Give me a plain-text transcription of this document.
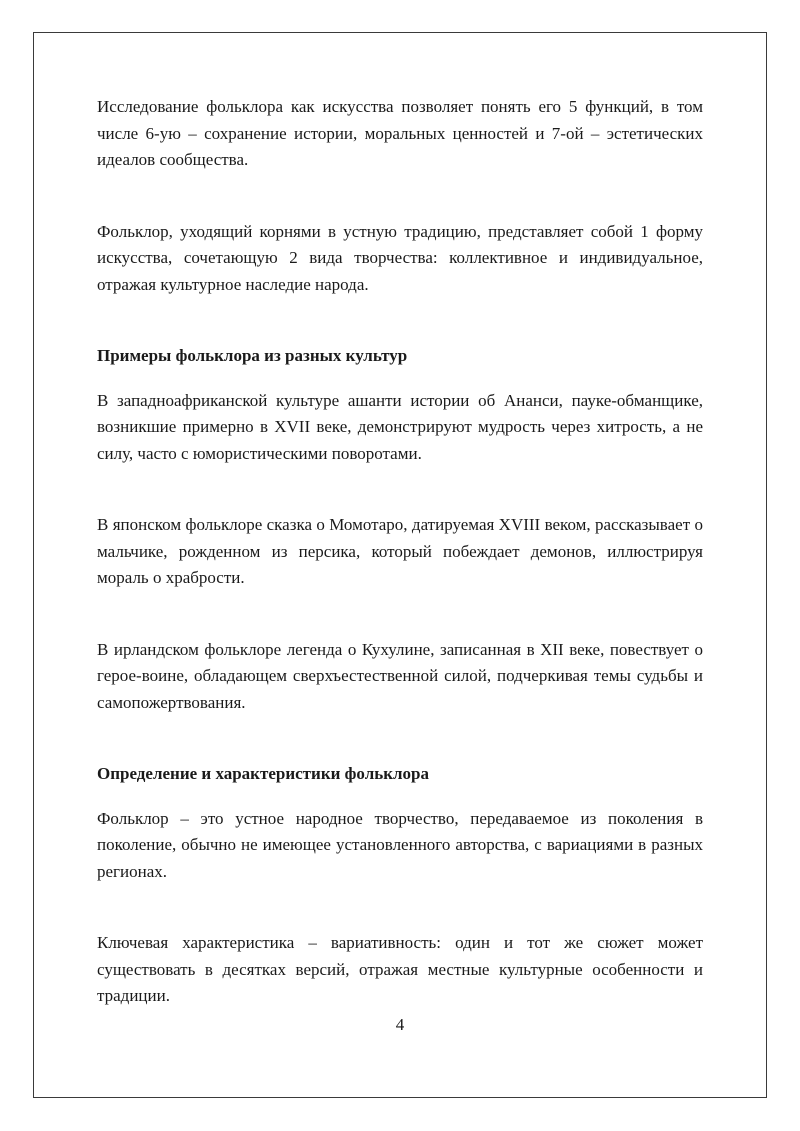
Исследование фольклора как искусства позволяет понять его 5 функций, в том числе 6-ую – сохранение истории, моральных ценностей и 7-ой – эстетических идеалов сообщества.

Фольклор, уходящий корнями в устную традицию, представляет собой 1 форму искусства, сочетающую 2 вида творчества: коллективное и индивидуальное, отражая культурное наследие народа.

Примеры фольклора из разных культур

В западноафриканской культуре ашанти истории об Ананси, пауке-обманщике, возникшие примерно в XVII веке, демонстрируют мудрость через хитрость, а не силу, часто с юмористическими поворотами.

В японском фольклоре сказка о Момотаро, датируемая XVIII веком, рассказывает о мальчике, рожденном из персика, который побеждает демонов, иллюстрируя мораль о храбрости.

В ирландском фольклоре легенда о Кухулине, записанная в XII веке, повествует о герое-воине, обладающем сверхъестественной силой, подчеркивая темы судьбы и самопожертвования.

Определение и характеристики фольклора

Фольклор – это устное народное творчество, передаваемое из поколения в поколение, обычно не имеющее установленного авторства, с вариациями в разных регионах.

Ключевая характеристика – вариативность: один и тот же сюжет может существовать в десятках версий, отражая местные культурные особенности и традиции.

4
